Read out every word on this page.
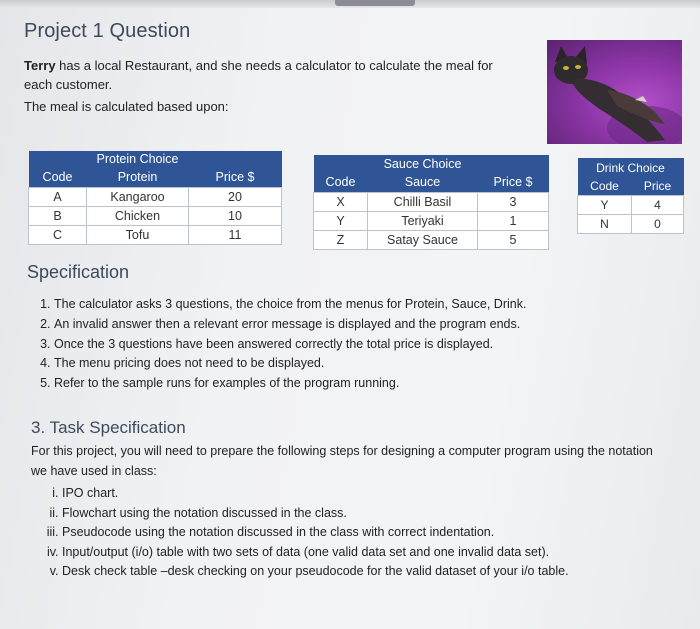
Project 1 Question
Terry has a local Restaurant, and she needs a calculator to calculate the meal for each customer.
The meal is calculated based upon:
	Protein Choice	
Code	Protein	Price $
A	Kangaroo	20
B	Chicken	10
C	Tofu	11
	Sauce Choice	
Code	Sauce	Price $
X	Chilli Basil	3
Y	Teriyaki	1
Z	Satay Sauce	5
Drink Choice	
Code	Price
Y	4
N	0
Specification
1. The calculator asks 3 questions, the choice from the menus for Protein, Sauce, Drink.
2. An invalid answer then a relevant error message is displayed and the program ends.
3. Once the 3 questions have been answered correctly the total price is displayed.
4. The menu pricing does not need to be displayed.
5. Refer to the sample runs for examples of the program running.
3. Task Specification
For this project, you will need to prepare the following steps for designing a computer program using the notation we have used in class:
i. IPO chart.
ii. Flowchart using the notation discussed in the class.
iii. Pseudocode using the notation discussed in the class with correct indentation.
iv. Input/output (i/o) table with two sets of data (one valid data set and one invalid data set).
v. Desk check table –desk checking on your pseudocode for the valid dataset of your i/o table.
